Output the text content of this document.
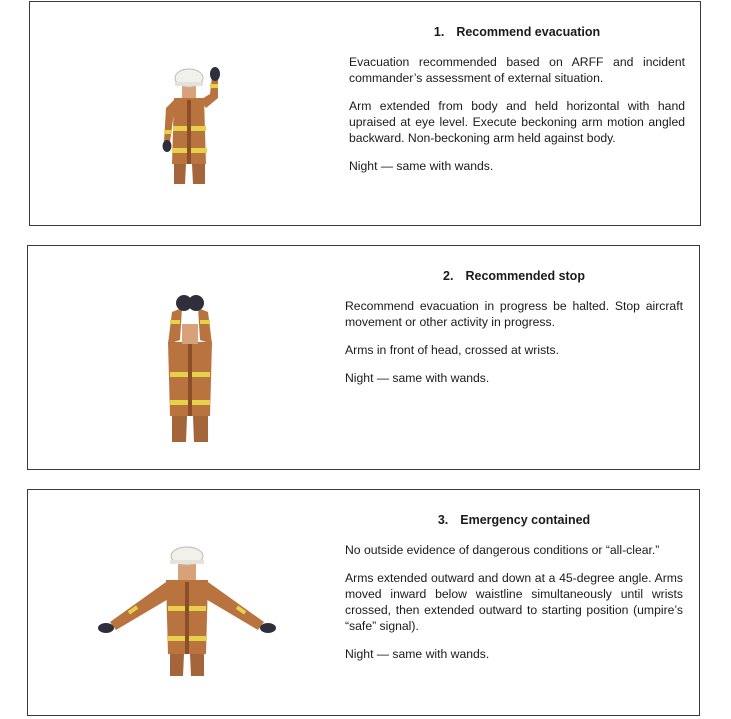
1. Recommend evacuation

Evacuation recommended based on ARFF and incident commander’s assessment of external situation.

Arm extended from body and held horizontal with hand upraised at eye level. Execute beckoning arm motion angled backward. Non-beckoning arm held against body.

Night — same with wands.

2. Recommended stop

Recommend evacuation in progress be halted. Stop aircraft movement or other activity in progress.

Arms in front of head, crossed at wrists.

Night — same with wands.

3. Emergency contained

No outside evidence of dangerous conditions or “all-clear.”

Arms extended outward and down at a 45-degree angle. Arms moved inward below waistline simultaneously until wrists crossed, then extended outward to starting position (umpire’s “safe” signal).

Night — same with wands.
